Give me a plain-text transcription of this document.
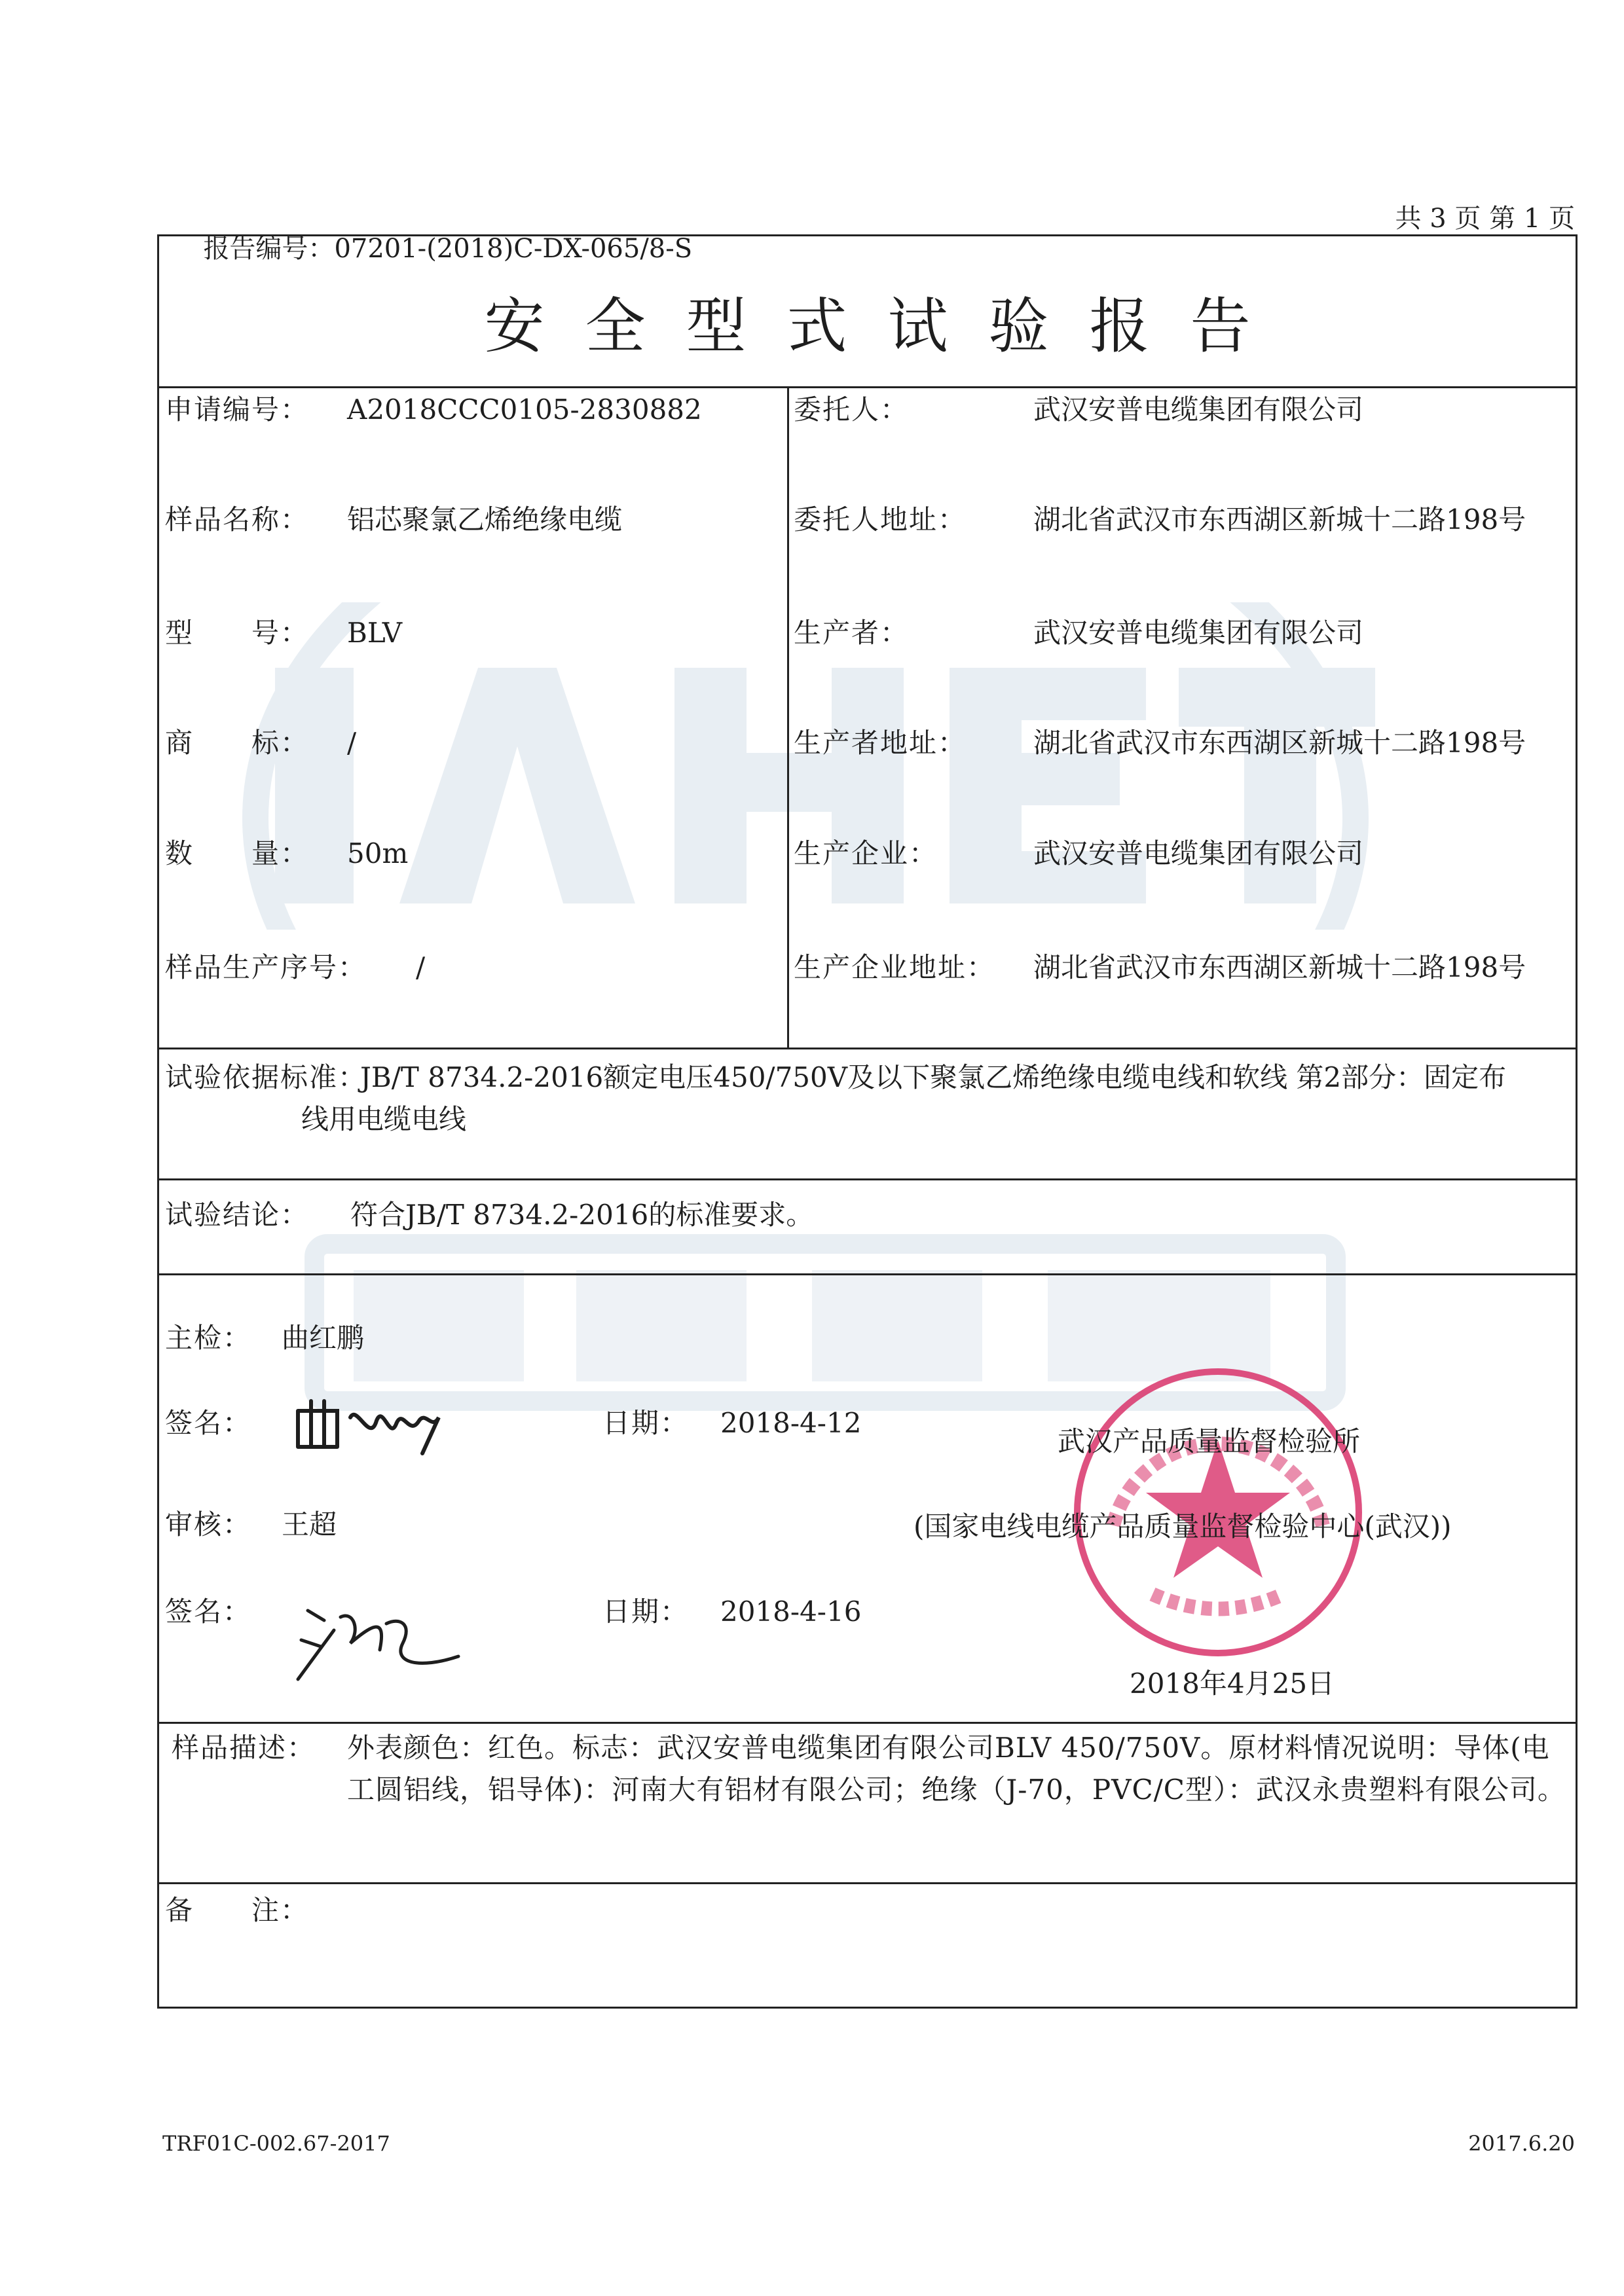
报告编号：07201-(2018)C-DX-065/8-S

共 3 页 第 1 页
安全型式试验报告
申请编号： A2018CCC0105-2830882
样品名称： 铝芯聚氯乙烯绝缘电缆
型　　号： BLV
商　　标： /
数　　量： 50m
样品生产序号： /
委托人：	武汉安普电缆集团有限公司
委托人地址： 湖北省武汉市东西湖区新城十二路198号
生产者：	武汉安普电缆集团有限公司
生产者地址： 湖北省武汉市东西湖区新城十二路198号
生产企业：	武汉安普电缆集团有限公司
生产企业地址： 湖北省武汉市东西湖区新城十二路198号
试验依据标准：
JB/T 8734.2-2016额定电压450/750V及以下聚氯乙烯绝缘电缆电线和软线 第2部分：固定布线用电缆电线
试验结论： 符合JB/T 8734.2-2016的标准要求。
主检： 曲红鹏
签名：	日期： 2018-4-12
审核： 王超
签名：	日期： 2018-4-16
武汉产品质量监督检验所
(国家电线电缆产品质量监督检验中心(武汉))
2018年4月25日
样品描述： 外表颜色：红色。标志：武汉安普电缆集团有限公司BLV 450/750V。原材料情况说明：导体(电工圆铝线，铝导体)：河南大有铝材有限公司；绝缘（J-70，PVC/C型）：武汉永贵塑料有限公司。
备　　注：
TRF01C-002.67-2017	2017.6.20
